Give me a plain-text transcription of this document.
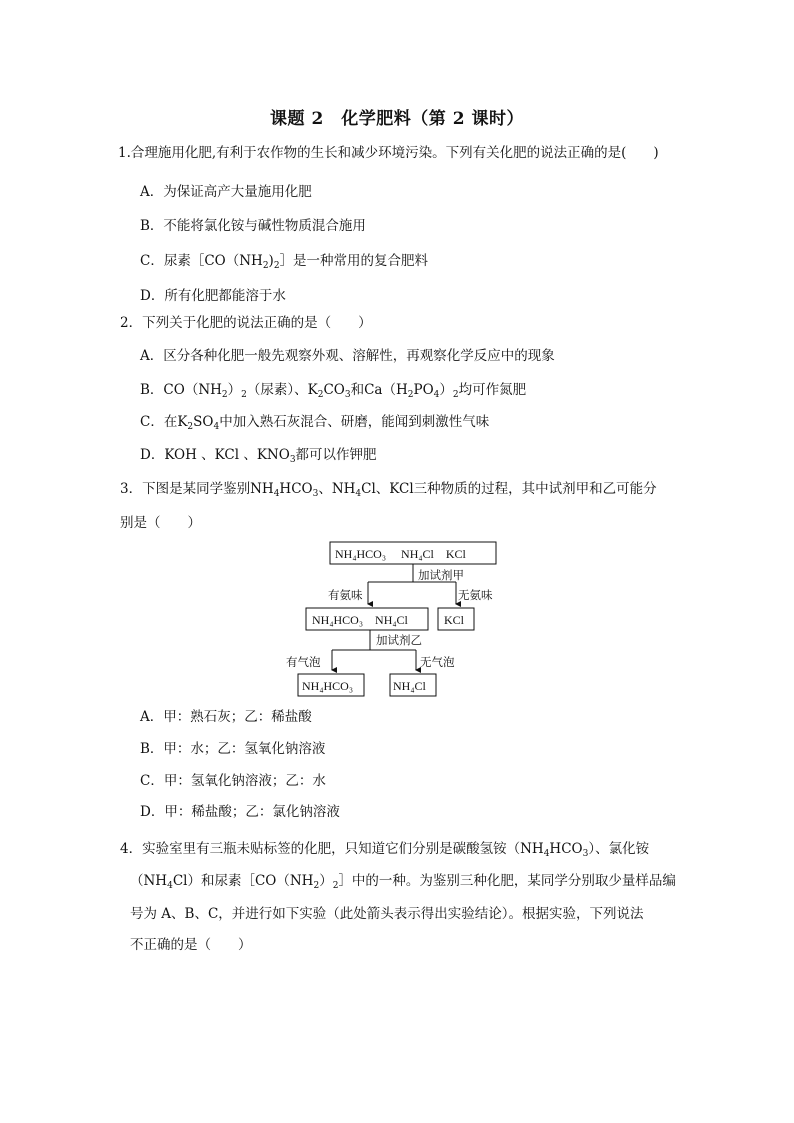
课题 2　化学肥料（第 2 课时）
1.合理施用化肥,有利于农作物的生长和减少环境污染。下列有关化肥的说法正确的是(　　)
A．为保证高产大量施用化肥
B．不能将氯化铵与碱性物质混合施用
C．尿素$[CO(NH_2)_2]$是一种常用的复合肥料
D．所有化肥都能溶于水
2．下列关于化肥的说法正确的是（　　）
A．区分各种化肥一般先观察外观、溶解性，再观察化学反应中的现象
B．$CO(NH_2)_2$（尿素）、$K_2CO_3$和$Ca(H_2PO_4)_2$均可作氮肥
C．在$K_2SO_4$中加入熟石灰混合、研磨，能闻到刺激性气味
D．KOH 、KCl 、$KNO_3$都可以作钾肥
3．下图是某同学鉴别$NH_4HCO_3$、$NH_4Cl$、KCl三种物质的过程，其中试剂甲和乙可能分
别是（　　）
NH₄HCO₃　 NH₄Cl　KCl
加试剂甲
有氨味	无氨味
NH₄HCO₃　NH₄Cl	KCl
加试剂乙
有气泡	无气泡
NH₄HCO₃	NH₄Cl
A．甲：熟石灰；乙：稀盐酸
B．甲：水；乙：氢氧化钠溶液
C．甲：氢氧化钠溶液；乙：水
D．甲：稀盐酸；乙：氯化钠溶液
4．实验室里有三瓶未贴标签的化肥，只知道它们分别是碳酸氢铵$(NH_4HCO_3)$、氯化铵
$(NH_4Cl)$和尿素$[CO(NH_2)_2]$中的一种。为鉴别三种化肥，某同学分别取少量样品编
号为 A、B、C，并进行如下实验（此处箭头表示得出实验结论）。根据实验，下列说法
不正确的是（　　）
